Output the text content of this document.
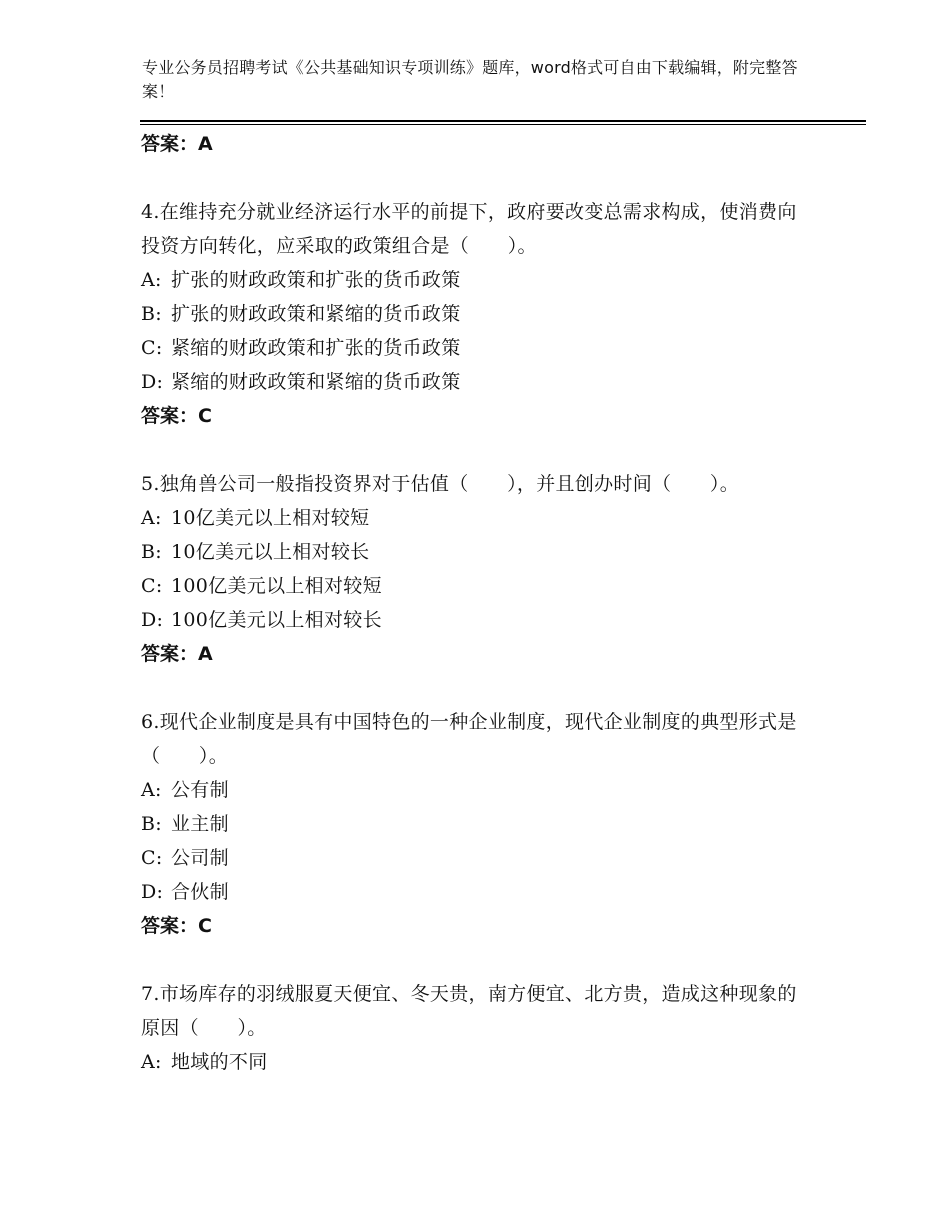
专业公务员招聘考试《公共基础知识专项训练》题库，word格式可自由下载编辑，附完整答案！

答案：A

4.在维持充分就业经济运行水平的前提下，政府要改变总需求构成，使消费向投资方向转化，应采取的政策组合是（　　）。

A: 扩张的财政政策和扩张的货币政策

B: 扩张的财政政策和紧缩的货币政策

C: 紧缩的财政政策和扩张的货币政策

D: 紧缩的财政政策和紧缩的货币政策

答案：C

5.独角兽公司一般指投资界对于估值（　　），并且创办时间（　　）。

A: 10亿美元以上相对较短

B: 10亿美元以上相对较长

C: 100亿美元以上相对较短

D: 100亿美元以上相对较长

答案：A

6.现代企业制度是具有中国特色的一种企业制度，现代企业制度的典型形式是（　　）。

A: 公有制

B: 业主制

C: 公司制

D: 合伙制

答案：C

7.市场库存的羽绒服夏天便宜、冬天贵，南方便宜、北方贵，造成这种现象的原因（　　）。

A: 地域的不同
